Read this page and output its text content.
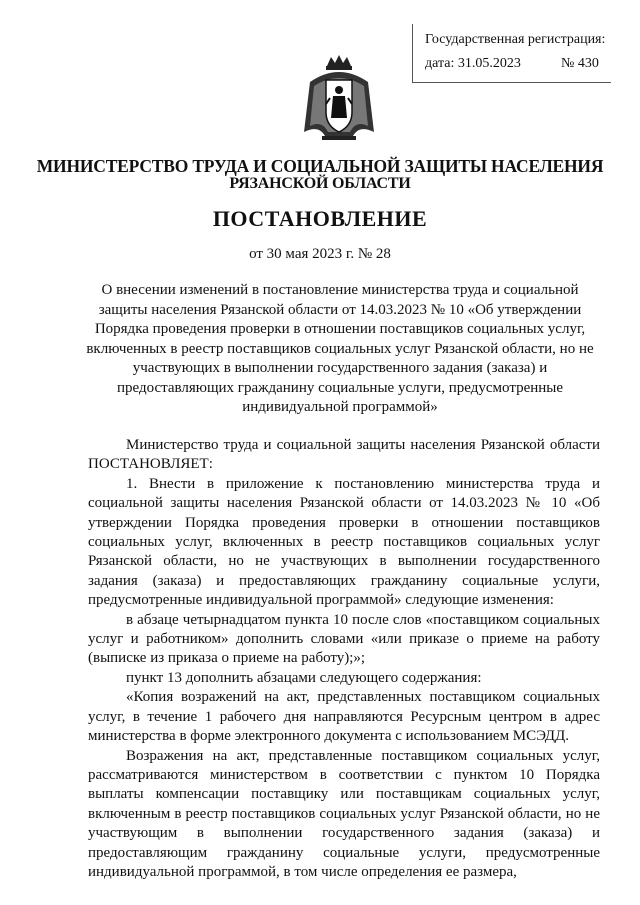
Государственная регистрация:
дата: 31.05.2023	№ 430
МИНИСТЕРСТВО ТРУДА И СОЦИАЛЬНОЙ ЗАЩИТЫ НАСЕЛЕНИЯ
РЯЗАНСКОЙ ОБЛАСТИ
ПОСТАНОВЛЕНИЕ
от 30 мая 2023 г. № 28
О внесении изменений в постановление министерства труда и социальной защиты населения Рязанской области от 14.03.2023 № 10 «Об утверждении Порядка проведения проверки в отношении поставщиков социальных услуг, включенных в реестр поставщиков социальных услуг Рязанской области, но не участвующих в выполнении государственного задания (заказа) и предоставляющих гражданину социальные услуги, предусмотренные индивидуальной программой»

Министерство труда и социальной защиты населения Рязанской области ПОСТАНОВЛЯЕТ:

1. Внести в приложение к постановлению министерства труда и социальной защиты населения Рязанской области от 14.03.2023 № 10 «Об утверждении Порядка проведения проверки в отношении поставщиков социальных услуг, включенных в реестр поставщиков социальных услуг Рязанской области, но не участвующих в выполнении государственного задания (заказа) и предоставляющих гражданину социальные услуги, предусмотренные индивидуальной программой» следующие изменения:

в абзаце четырнадцатом пункта 10 после слов «поставщиком социальных услуг и работником» дополнить словами «или приказе о приеме на работу (выписке из приказа о приеме на работу);»;

пункт 13 дополнить абзацами следующего содержания:

«Копия возражений на акт, представленных поставщиком социальных услуг, в течение 1 рабочего дня направляются Ресурсным центром в адрес министерства в форме электронного документа с использованием МСЭДД.

Возражения на акт, представленные поставщиком социальных услуг, рассматриваются министерством в соответствии с пунктом 10 Порядка выплаты компенсации поставщику или поставщикам социальных услуг, включенным в реестр поставщиков социальных услуг Рязанской области, но не участвующим в выполнении государственного задания (заказа) и предоставляющим гражданину социальные услуги, предусмотренные индивидуальной программой, в том числе определения ее размера,
